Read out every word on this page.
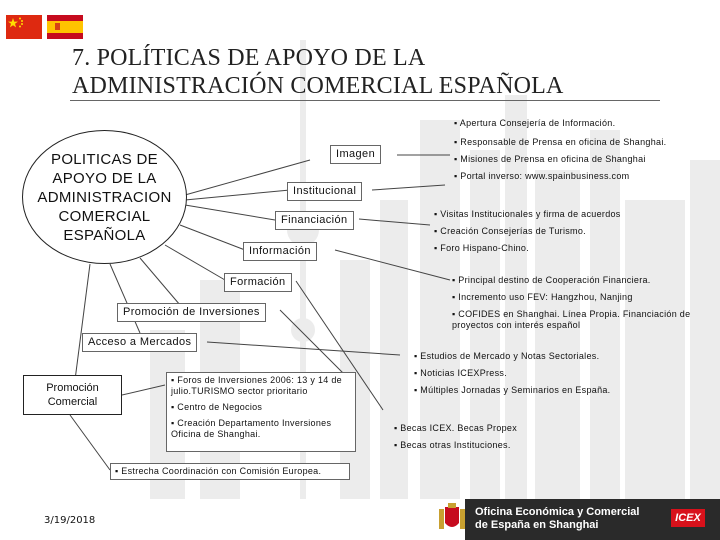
7. POLÍTICAS DE APOYO DE LA
ADMINISTRACIÓN COMERCIAL ESPAÑOLA
POLITICAS DE APOYO DE LA ADMINISTRACION COMERCIAL ESPAÑOLA
Imagen
Institucional
Financiación
Información
Formación
Promoción de Inversiones
Acceso a Mercados
Promoción Comercial
▪ Apertura Consejería de Información.
▪ Responsable de Prensa en oficina de Shanghai.
▪ Misiones de Prensa en oficina de Shanghai
▪ Portal inverso: www.spainbusiness.com
▪ Visitas Institucionales y firma de acuerdos
▪ Creación Consejerías de Turismo.
▪ Foro Hispano-Chino.
▪ Principal destino de Cooperación Financiera.
▪ Incremento uso FEV: Hangzhou, Nanjing
▪ COFIDES en Shanghai. Línea Propia. Financiación de proyectos con interés español
▪ Estudios de Mercado y Notas Sectoriales.
▪ Noticias ICEXPress.
▪ Múltiples Jornadas y Seminarios en España.
▪ Becas ICEX. Becas Propex
▪ Becas otras Instituciones.
▪ Foros de Inversiones 2006: 13 y 14 de julio.TURISMO sector prioritario
▪ Centro de Negocios
▪ Creación Departamento Inversiones Oficina de Shanghai.
▪ Estrecha Coordinación con Comisión Europea.
3/19/2018
Oficina Económica y Comercial
de España en Shanghai
ICEX
